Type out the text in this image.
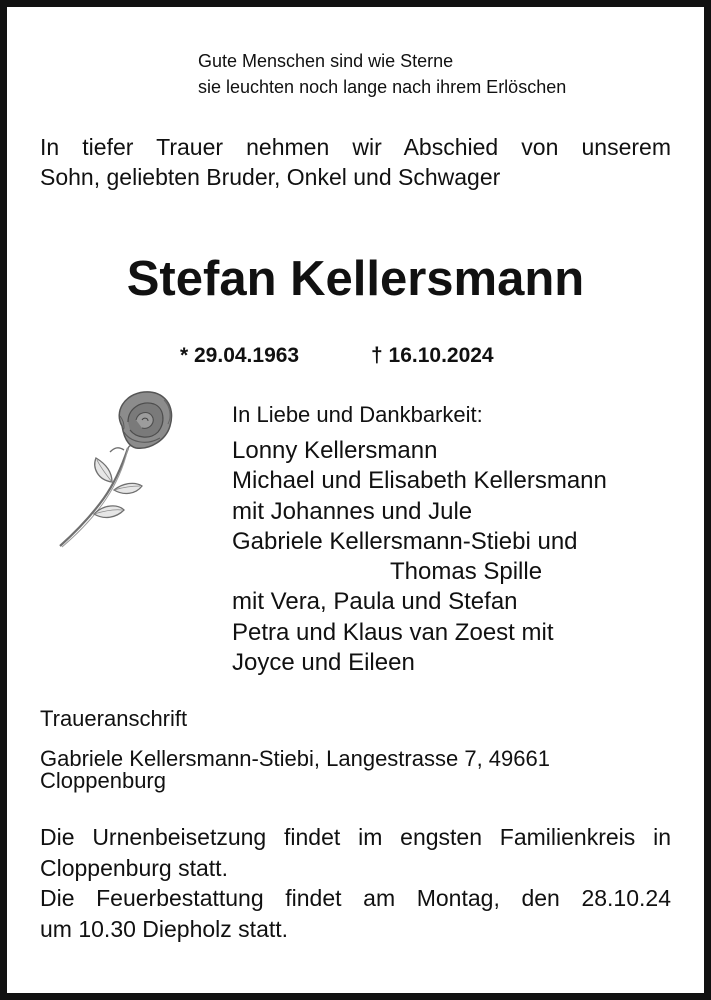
Gute Menschen sind wie Sterne
sie leuchten noch lange nach ihrem Erlöschen
In tiefer Trauer nehmen wir Abschied von unserem
Sohn, geliebten Bruder, Onkel und Schwager
Stefan Kellersmann
* 29.04.1963	† 16.10.2024
In Liebe und Dankbarkeit:
Lonny Kellersmann
Michael und Elisabeth Kellersmann
mit Johannes und Jule
Gabriele Kellersmann-Stiebi und
Thomas Spille
mit Vera, Paula und Stefan
Petra und Klaus van Zoest mit
Joyce und Eileen
Traueranschrift
Gabriele Kellersmann-Stiebi, Langestrasse 7, 49661
Cloppenburg
Die Urnenbeisetzung findet im engsten Familienkreis in
Cloppenburg statt.
Die Feuerbestattung findet am Montag, den 28.10.24
um 10.30 Diepholz statt.
